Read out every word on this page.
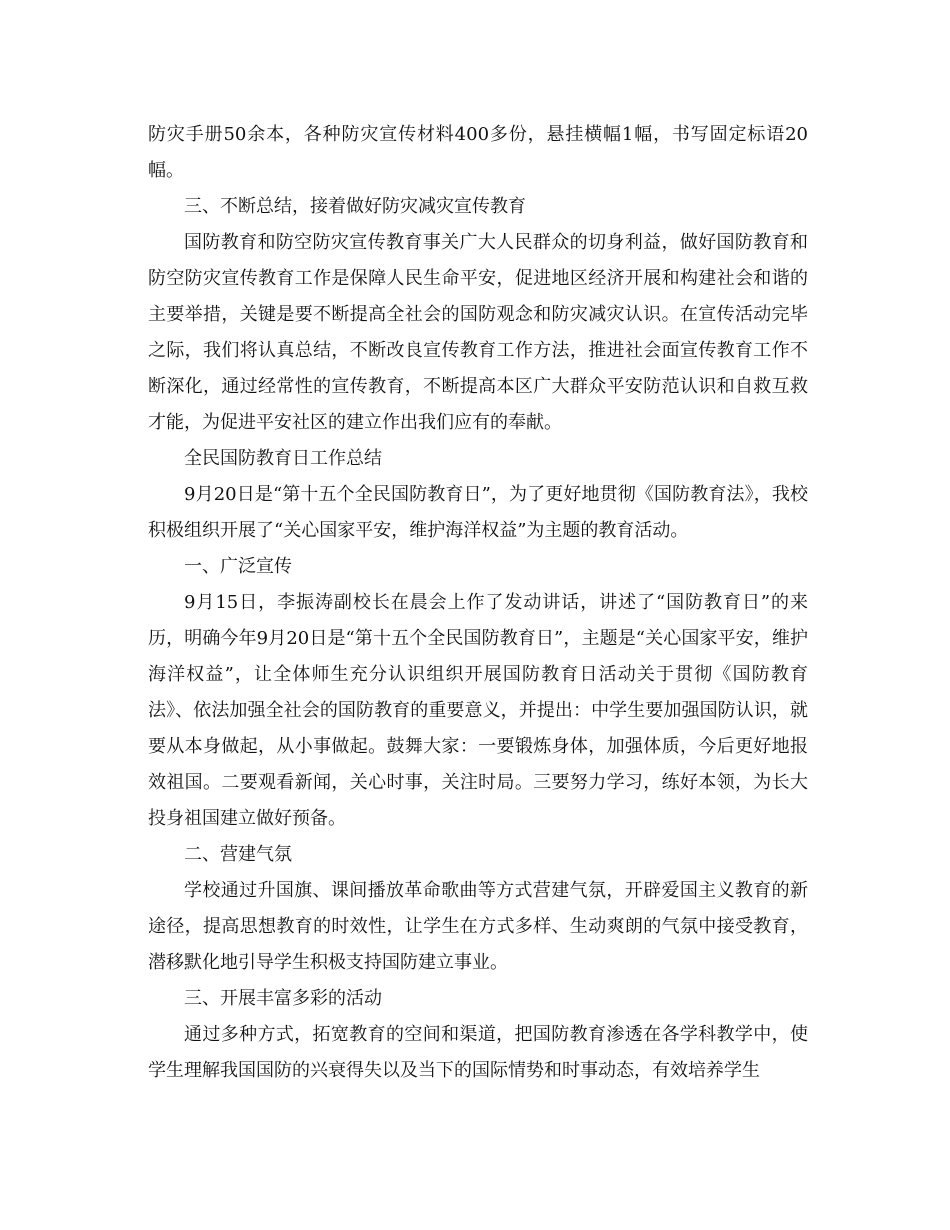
防灾手册50余本，各种防灾宣传材料400多份，悬挂横幅1幅，书写固定标语20幅。

三、不断总结，接着做好防灾减灾宣传教育

国防教育和防空防灾宣传教育事关广大人民群众的切身利益，做好国防教育和防空防灾宣传教育工作是保障人民生命平安，促进地区经济开展和构建社会和谐的主要举措，关键是要不断提高全社会的国防观念和防灾减灾认识。在宣传活动完毕之际，我们将认真总结，不断改良宣传教育工作方法，推进社会面宣传教育工作不断深化，通过经常性的宣传教育，不断提高本区广大群众平安防范认识和自救互救才能，为促进平安社区的建立作出我们应有的奉献。

全民国防教育日工作总结

9月20日是“第十五个全民国防教育日”，为了更好地贯彻《国防教育法》，我校积极组织开展了“关心国家平安，维护海洋权益”为主题的教育活动。

一、广泛宣传

9月15日，李振涛副校长在晨会上作了发动讲话，讲述了“国防教育日”的来历，明确今年9月20日是“第十五个全民国防教育日”，主题是“关心国家平安，维护海洋权益”，让全体师生充分认识组织开展国防教育日活动关于贯彻《国防教育法》、依法加强全社会的国防教育的重要意义，并提出：中学生要加强国防认识，就要从本身做起，从小事做起。鼓舞大家：一要锻炼身体，加强体质，今后更好地报效祖国。二要观看新闻，关心时事，关注时局。三要努力学习，练好本领，为长大投身祖国建立做好预备。

二、营建气氛

学校通过升国旗、课间播放革命歌曲等方式营建气氛，开辟爱国主义教育的新途径，提高思想教育的时效性，让学生在方式多样、生动爽朗的气氛中接受教育，潜移默化地引导学生积极支持国防建立事业。

三、开展丰富多彩的活动

通过多种方式，拓宽教育的空间和渠道，把国防教育渗透在各学科教学中，使学生理解我国国防的兴衰得失以及当下的国际情势和时事动态，有效培养学生
